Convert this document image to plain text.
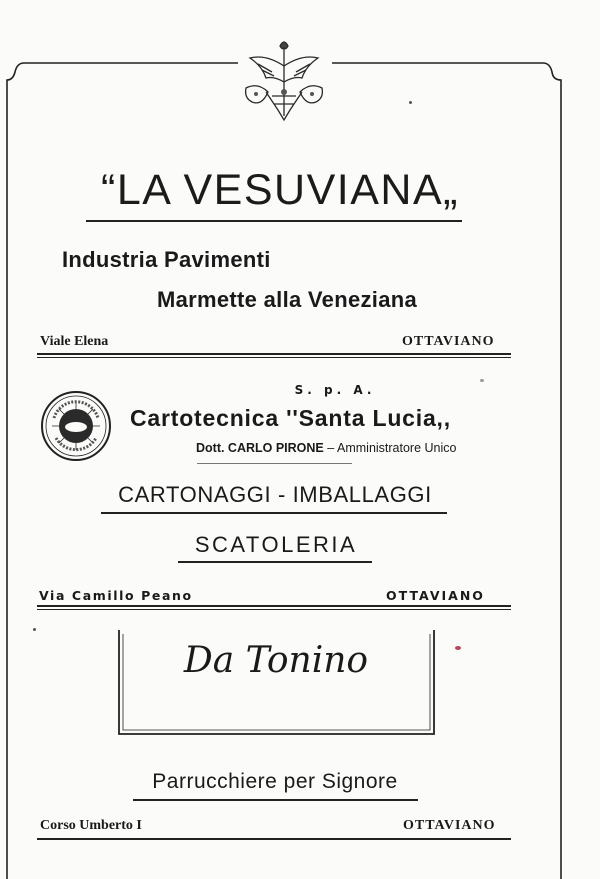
“LA VESUVIANA„
Industria Pavimenti
Marmette alla Veneziana
Viale Elena	OTTAVIANO
S. p. A.
Cartotecnica ''Santa Lucia,,
Dott. CARLO PIRONE – Amministratore Unico
CARTONAGGI - IMBALLAGGI
SCATOLERIA
Via Camillo Peano	OTTAVIANO
Da Tonino
Parrucchiere per Signore
Corso Umberto I	OTTAVIANO
